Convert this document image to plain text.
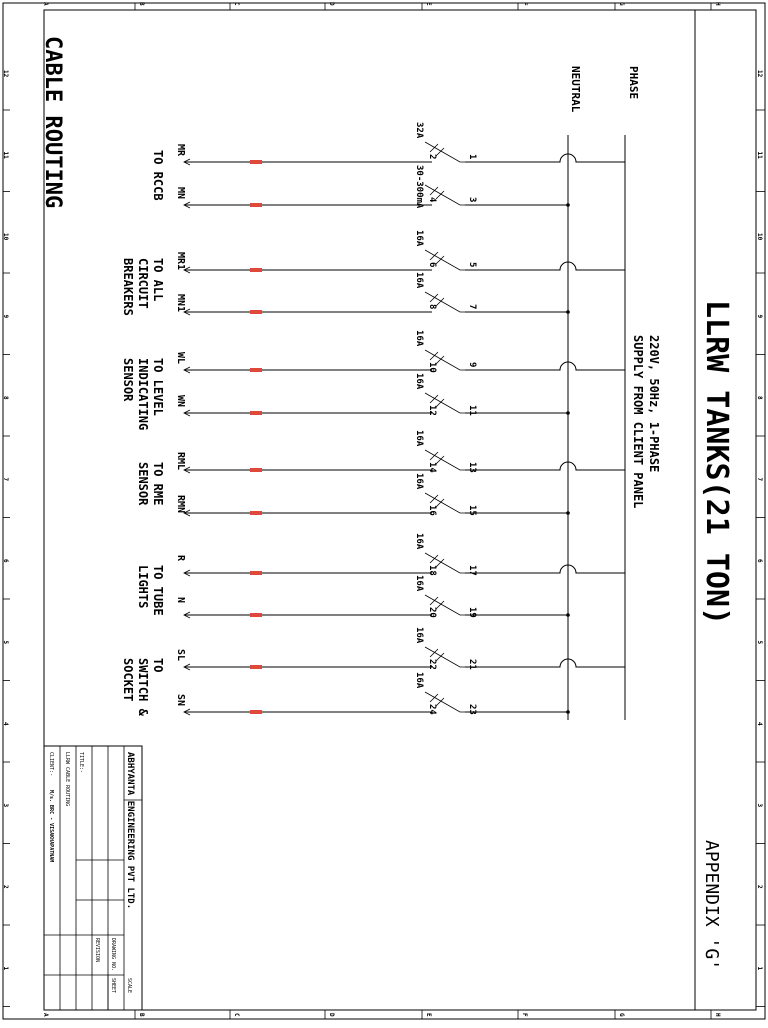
A	B	C	D	E	F	G	H
A	B	C	D	E	F	G	H
12
11
10
9
8
7
6
5
4
3
2
1
12
11
10
9
8
7
6
5
4
3
2
1
PHASE
NEUTRAL
220V, 50Hz, 1-PHASE
SUPPLY FROM CLIENT PANEL LLRW TANKS(21 TON)
APPENDIX 'G'
CABLE ROUTING	1
2
32A
MR
3
4
30-300mA
MN
5
6
16A
MR1
7
8
16A
MN1
9
10
16A
WL
11
12
16A
WN
13
14
16A
RML
15
16
16A
RMN
17
18
16A
R
19
20
16A
N
21
22
16A
SL
23
24
16A
SN
TO RCCB
TO ALL
CIRCUIT
BREAKERS
TO LEVEL
INDICATING
SENSOR
TO RME
SENSOR
TO TUBE
LIGHTS
TO
SWITCH &
SOCKET
ABHYANTA ENGINEERING PVT LTD.
DRAWING NO.
SCALE
SHEET
TITLE:-
LLRW CABLE ROUTING
CLIENT:-
M/s. BRC - VISAKHAPATNAM
REVISION
